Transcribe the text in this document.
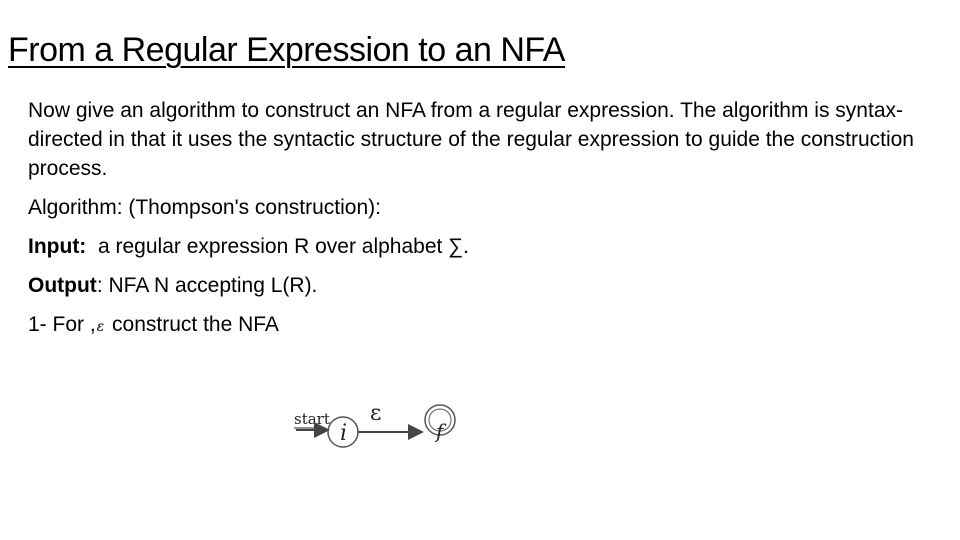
From a Regular Expression to an NFA

Now give an algorithm to construct an NFA from a regular expression. The algorithm is syntax-directed in that it uses the syntactic structure of the regular expression to guide the construction process.

Algorithm: (Thompson's construction):

Input:  a regular expression R over alphabet ∑.

Output: NFA N accepting L(R).

1- For ,ε construct the NFA

start
i
ε
f
